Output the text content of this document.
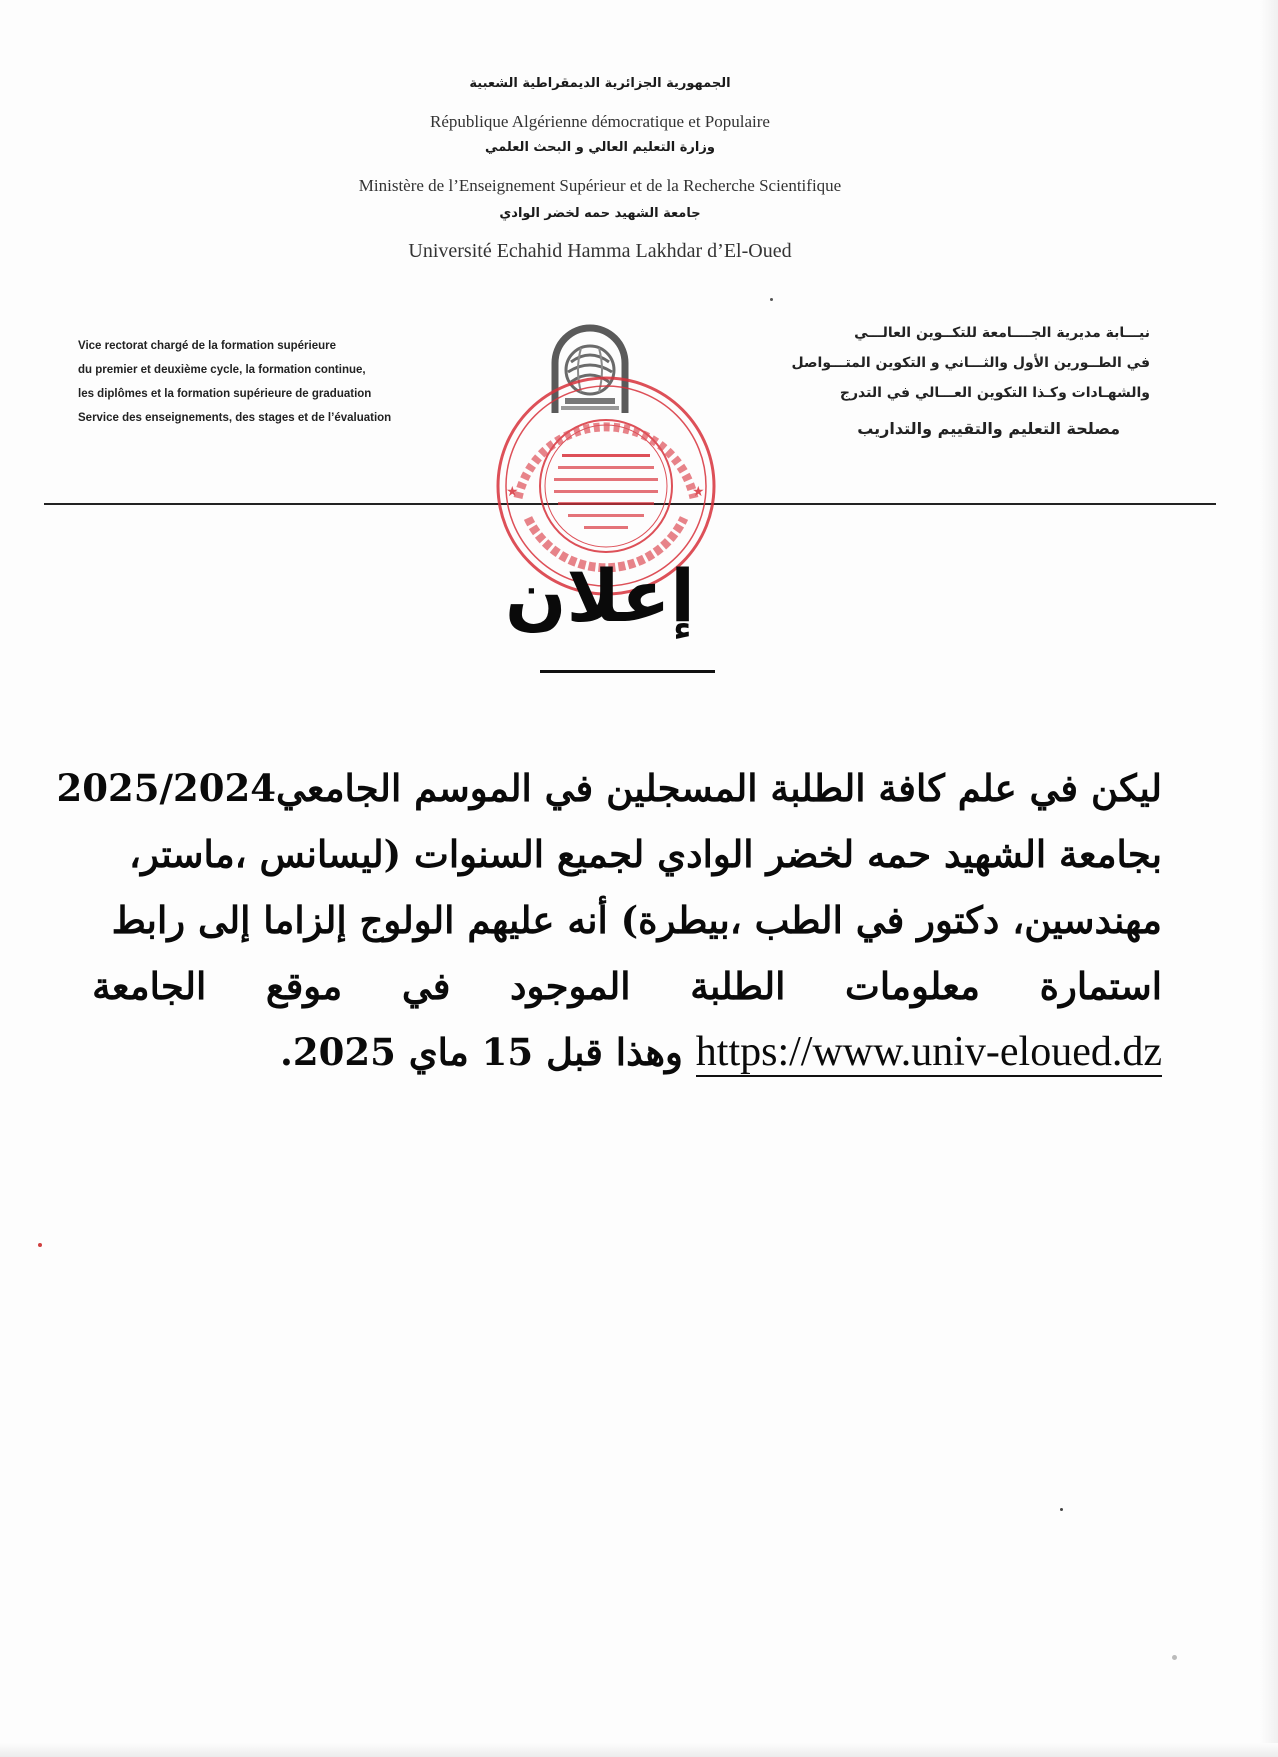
الجمهورية الجزائرية الديمقراطية الشعبية
République Algérienne démocratique et Populaire
وزارة التعليم العالي و البحث العلمي
Ministère de l’Enseignement Supérieur et de la Recherche Scientifique
جامعة الشهيد حمه لخضر الوادي
Université Echahid Hamma Lakhdar d’El-Oued
Vice rectorat chargé de la formation supérieure
du premier et deuxième cycle, la formation continue,
les diplômes et la formation supérieure de graduation
Service des enseignements, des stages et de l’évaluation
نيـــابة مديرية الجــــامعة للتكــوين العالـــي
في الطــورين الأول والثـــاني و التكوين المتـــواصل
والشهـادات وكـذا التكوين العـــالي في التدرج
مصلحة التعليم والتقييم والتداريب
★	★
إعلان
ليكن في علم كافة الطلبة المسجلين في الموسم الجامعي2025/2024
بجامعة الشهيد حمه لخضر الوادي لجميع السنوات (ليسانس ،ماستر،
مهندسين، دكتور في الطب ،بيطرة) أنه عليهم الولوج إلزاما إلى رابط
استمارة
معلومات
الطلبة
الموجود
في
موقع
الجامعة
https://www.univ-eloued.dz وهذا قبل 15 ماي 2025.
